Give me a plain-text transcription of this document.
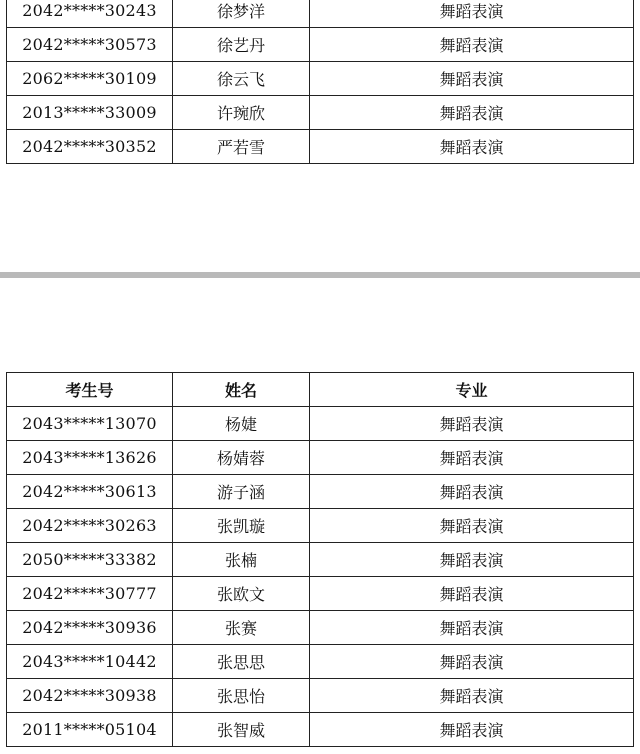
2042*****30243	徐梦洋	舞蹈表演
2042*****30573	徐艺丹	舞蹈表演
2062*****30109	徐云飞	舞蹈表演
2013*****33009	许琬欣	舞蹈表演
2042*****30352	严若雪	舞蹈表演
考生号	姓名	专业
2043*****13070	杨婕	舞蹈表演
2043*****13626	杨婧蓉	舞蹈表演
2042*****30613	游子涵	舞蹈表演
2042*****30263	张凯璇	舞蹈表演
2050*****33382	张楠	舞蹈表演
2042*****30777	张欧文	舞蹈表演
2042*****30936	张赛	舞蹈表演
2043*****10442	张思思	舞蹈表演
2042*****30938	张思怡	舞蹈表演
2011*****05104	张智威	舞蹈表演
